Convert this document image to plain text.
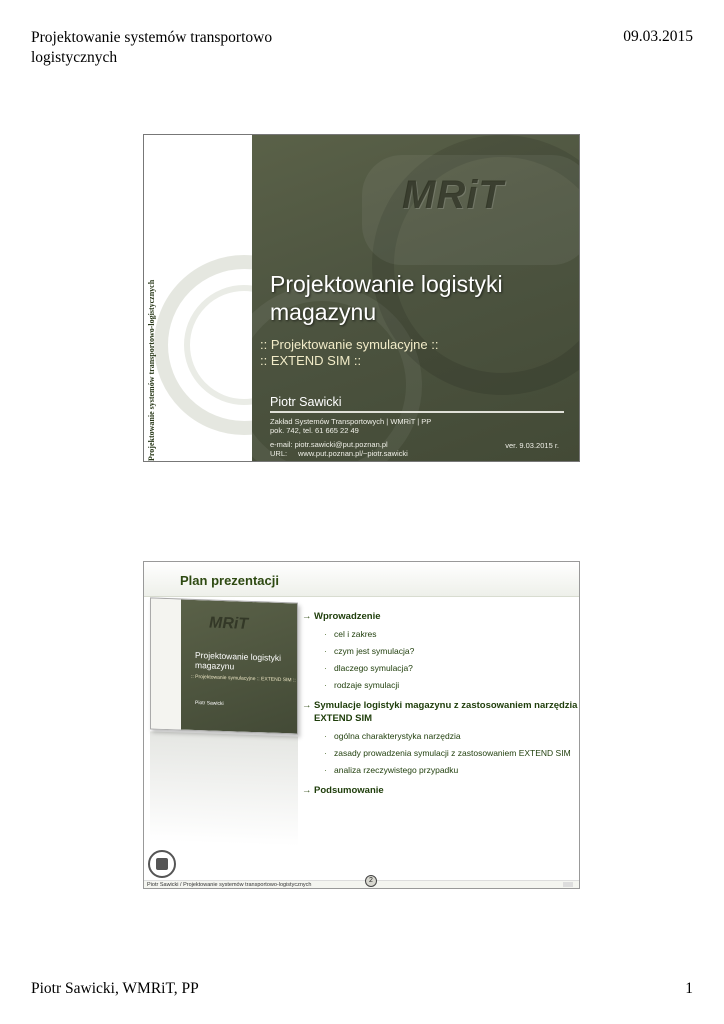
Projektowanie systemów transportowo logistycznych
09.03.2015
Projektowanie systemów transportowo-logistycznych
MRiT
Projektowanie logistyki magazynu
:: Projektowanie symulacyjne ::
:: EXTEND SIM ::
Piotr Sawicki
Zakład Systemów Transportowych | WMRiT | PP
pok. 742, tel. 61 665 22 49
e-mail: piotr.sawicki@put.poznan.pl
URL:	www.put.poznan.pl/~piotr.sawicki
ver. 9.03.2015 r.
Plan prezentacji
MRiT
Projektowanie logistyki magazynu
:: Projektowanie symulacyjne :: EXTEND SIM ::
Piotr Sawicki
→ Wprowadzenie
· cel i zakres
· czym jest symulacja?
· dlaczego symulacja?
· rodzaje symulacji
→ Symulacje logistyki magazynu z zastosowaniem narzędzia EXTEND SIM
· ogólna charakterystyka narzędzia
· zasady prowadzenia symulacji z zastosowaniem EXTEND SIM
· analiza rzeczywistego przypadku
→ Podsumowanie
Piotr Sawicki / Projektowanie systemów transportowo-logistycznych
2
Piotr Sawicki, WMRiT, PP	1
